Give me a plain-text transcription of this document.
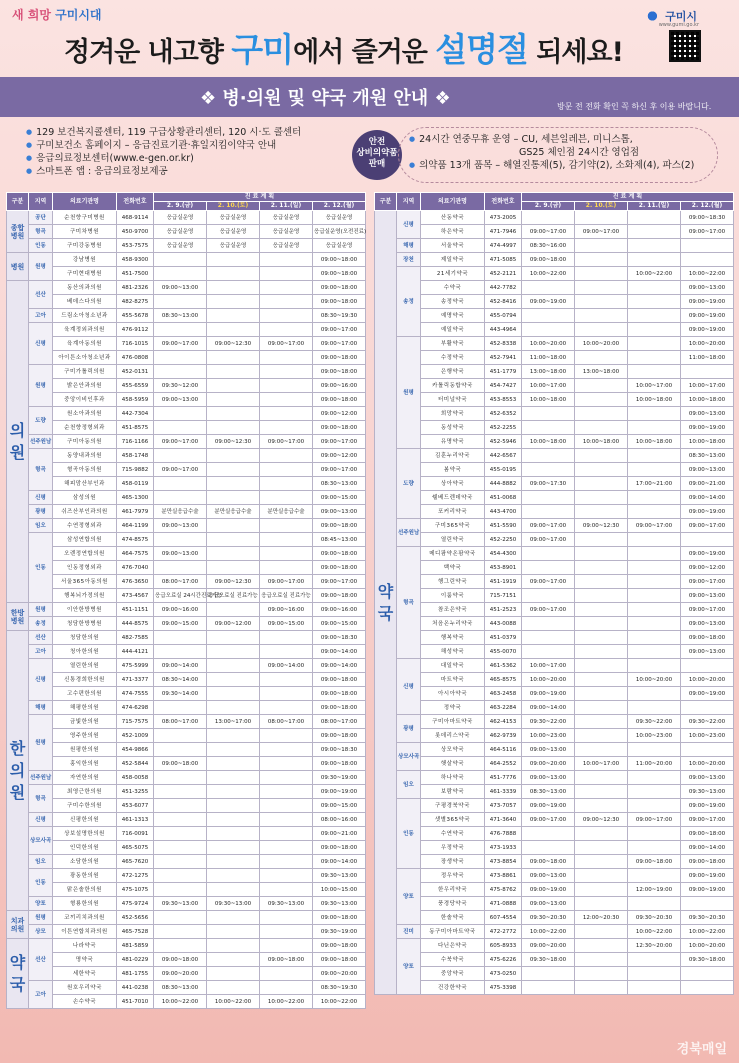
새 희망 구미시대	구미시
www.gumi.go.kr
정겨운 내고향 구미에서 즐거운 설명절 되세요!
❖ 병·의원 및 약국 개원 안내 ❖	방문 전 전화 확인 꼭 하신 후 이용 바랍니다.
● 129 보건복지콜센터, 119 구급상황관리센터, 120 시·도 콜센터
● 구미보건소 홈페이지 – 응급진료기관·휴일지킴이약국 안내
● 응급의료정보센터(www.e-gen.or.kr)
● 스마트폰 앱 : 응급의료정보제공
안전
상비의약품
판매
● 24시간 연중무휴 운영 – CU, 세븐일레븐, 미니스톱,
GS25 체인점 24시간 영업점
● 의약품 13개 품목 – 해열진통제(5), 감기약(2), 소화제(4), 파스(2)
구분	지역	의료기관명	전화번호	진 료 계 획			
				2. 9.(금)	2. 10.(토)	2. 11.(일)	2. 12.(월)
종합병원	공단	순천향구미병원	468-9114	응급실운영	응급실운영	응급실운영	응급실운영
	형곡	구미차병원	450-9700	응급실운영	응급실운영	응급실운영	응급실운영(오전진료)
	인동	구미강동병원	453-7575	응급실운영	응급실운영	응급실운영	응급실운영
병원	원평	강남병원	458-9300				09:00~18:00
		구미현대병원	451-7500				09:00~18:00
의원	선산	동산의과의원	481-2326	09:00~13:00			09:00~18:00
		베데스다의원	482-8275				09:00~18:00
	고아	드림소아청소년과	455-5678	08:30~13:00			08:30~19:30
	신평	육계정외과의원	476-9112				09:00~17:00
		육계아동의원	716-1015	09:00~17:00	09:00~12:30	09:00~17:00	09:00~17:00
		아이튼소아청소년과	476-0808				09:00~18:00
	원평	구미가톨릭의원	452-0131				09:00~18:00
		밝은안과의원	455-6559	09:30~12:00			09:00~16:00
		중앙이비인후과	458-5959	09:00~13:00			09:00~18:00
	도량	원소아과의원	442-7304				09:00~12:00
		순천향정형외과	451-8575				09:00~18:00
	선주원남	구미아동의원	716-1166	09:00~17:00	09:00~12:30	09:00~17:00	09:00~17:00
	형곡	동양내과의원	458-1748				09:00~12:00
		형곡아동의원	715-9882	09:00~17:00			09:00~17:00
		해피맘산부인과	458-0119				08:30~13:00
	신평	삼성의원	465-1300				09:00~15:00
	광평	쉬즈산부인과의원	461-7979	분만실응급수술	분만실응급수술	분만실응급수술	09:00~13:00
	임오	수연정형외과	464-1199	09:00~13:00			09:00~18:00
	인동	삼성연합의원	474-8575				08:45~13:00
		오렌정연합의원	464-7575	09:00~13:00			09:00~18:00
		인동정형외과	476-7040				09:00~18:00
		서울365아동의원	476-3650	08:00~17:00	09:00~12:30	09:00~17:00	09:00~17:00
		행복뇌가정의원	473-4567	응급오료실 24시간진료가능	응급오료실 진료가능	응급오료실 진료가능	09:00~18:00
한방병원	원평	이안한방병원	451-1151	09:00~16:00		09:00~16:00	09:00~16:00
	송정	청담한방병원	444-8575	09:00~15:00	09:00~12:00	09:00~15:00	09:00~15:00
한의원	선산	청담한의원	482-7585				09:00~18:30
	고아	청아한의원	444-4121				09:00~14:00
	신평	열린한의원	475-5999	09:00~14:00		09:00~14:00	09:00~14:00
		신통경희한의원	471-3377	08:30~14:00			09:00~18:00
		고수편한의원	474-7555	09:30~14:00			09:00~18:00
	해평	해평한의원	474-6298				09:00~18:00
	원평	금빛한의원	715-7575	08:00~17:00	13:00~17:00	08:00~17:00	08:00~17:00
		영주한의원	452-1009				09:00~18:00
		원평한의원	454-9866				09:00~18:30
		홍익한의원	452-5844	09:00~18:00			09:00~18:00
	선주원남	자연한의원	458-0058				09:30~19:00
	형곡	최영근한의원	451-3255				09:00~19:00
		구미수한의원	453-6077				09:00~15:00
	신평	신평한의원	461-1313				08:00~16:00
	상모사곡	상보설명한의원	716-0091				09:00~21:00
		인덕한의원	465-5075				09:00~18:00
	임오	소담한의원	465-7620				09:00~14:00
	인동	광동한의원	472-1275				09:30~13:00
		맑은솔한의원	475-1075				10:00~15:00
	양포	형룡한의원	475-9724	09:30~13:00	09:30~13:00	09:30~13:00	09:30~13:00
치과의원	원평	코끼리치과의원	452-5656				09:00~18:00
	상모	이튼연합치과의원	465-7528				09:30~19:00
약국	선산	나라약국	481-5859				09:00~18:00
		명약국	481-0229	09:00~18:00		09:00~18:00	09:00~18:00
		세한약국	481-1755	09:00~20:00			09:00~20:00
	고아	원호우리약국	441-0238	08:30~13:00			08:30~19:30
		손수약국	451-7010	10:00~22:00	10:00~22:00	10:00~22:00	10:00~22:00
구분	지역	의료기관명	전화번호	진 료 계 획			
				2. 9.(금)	2. 10.(토)	2. 11.(일)	2. 12.(월)
약국	신평	산동약국	473-2005				09:00~18:30
		하은약국	471-7946	09:00~17:00	09:00~17:00		09:00~17:00
	해평	서울약국	474-4997	08:30~16:00			
	장천	제일약국	471-5085	09:00~18:00			
	송정	21세기약국	452-2121	10:00~22:00		10:00~22:00	10:00~22:00
		수약국	442-7782				09:00~13:00
		송정약국	452-8416	09:00~19:00			09:00~19:00
		예명약국	455-0794				09:00~19:00
		예일약국	443-4964				09:00~19:00
	원평	부활약국	452-8338	10:00~20:00	10:00~20:00		10:00~20:00
		수정약국	452-7941	11:00~18:00			11:00~18:00
		은행약국	451-1779	13:00~18:00	13:00~18:00		
		카톨릭동합약국	454-7427	10:00~17:00		10:00~17:00	10:00~17:00
		터미널약국	453-8553	10:00~18:00		10:00~18:00	10:00~18:00
		희망약국	452-6352				09:00~13:00
		동성약국	452-2255				09:00~19:00
		유명약국	452-5946	10:00~18:00	10:00~18:00	10:00~18:00	10:00~18:00
	도량	김훈누리약국	442-6567				08:30~13:00
		봄약국	455-0195				09:00~13:00
		상아약국	444-8882	09:00~17:30		17:00~21:00	09:00~21:00
		쉘베드렌데약국	451-0068				09:00~14:00
		포커리약국	443-4700				09:00~19:00
	선주원남	구미365약국	451-5590	09:00~17:00	09:00~12:30	09:00~17:00	09:00~17:00
		열린약국	452-2250	09:00~17:00			
	형곡	메디팜약온팜약국	454-4300				09:00~19:00
		백약국	453-8901				09:00~12:00
		행그린약국	451-1919	09:00~17:00			09:00~17:00
		이룸약국	715-7151				09:00~13:00
		참조은약국	451-2523	09:00~17:00			09:00~17:00
		처음온누리약국	443-0088				09:00~13:00
		행복약국	451-0379				09:00~18:00
		해성약국	455-0070				09:00~13:00
	신평	대일약국	461-5362	10:00~17:00			
		마트약국	465-8575	10:00~20:00		10:00~20:00	10:00~20:00
		아시아약국	463-2458	09:00~19:00			09:00~19:00
		정약국	463-2284	09:00~14:00			
	광평	구미아마트약국	462-4153	09:30~22:00		09:30~22:00	09:30~22:00
		롯데리스약국	462-9739	10:00~23:00		10:00~23:00	10:00~23:00
	상모사곡	상모약국	464-5116	09:00~13:00			
		햇살약국	464-2552	09:00~20:00	10:00~17:00	11:00~20:00	10:00~20:00
	임오	하나약국	451-7776	09:00~13:00			09:00~13:00
		보람약국	461-3339	08:30~13:00			09:30~13:00
	인동	구평경북약국	473-7057	09:00~19:00			09:00~19:00
		샛별365약국	471-3640	09:00~17:00	09:00~12:30	09:00~17:00	09:00~17:00
		수연약국	476-7888				09:00~18:00
		우정약국	473-1933				09:00~14:00
		장생약국	473-8854	09:00~18:00		09:00~18:00	09:00~18:00
	양포	정우약국	473-8861	09:00~13:00			09:00~19:00
		한우리약국	475-8762	09:00~19:00		12:00~19:00	09:00~19:00
		풍경당약국	471-0888	09:00~13:00			
		한솔약국	607-4554	09:30~20:30	12:00~20:30	09:30~20:30	09:30~20:30
	진미	동구미아마트약국	472-2772	10:00~22:00		10:00~22:00	10:00~22:00
	양포	다닌은약국	605-8933	09:00~20:00		12:30~20:00	10:00~20:00
		수북약국	475-6226	09:30~18:00			09:30~18:00
		중앙약국	473-0250				
		건강한약국	475-3398				
경북매일
